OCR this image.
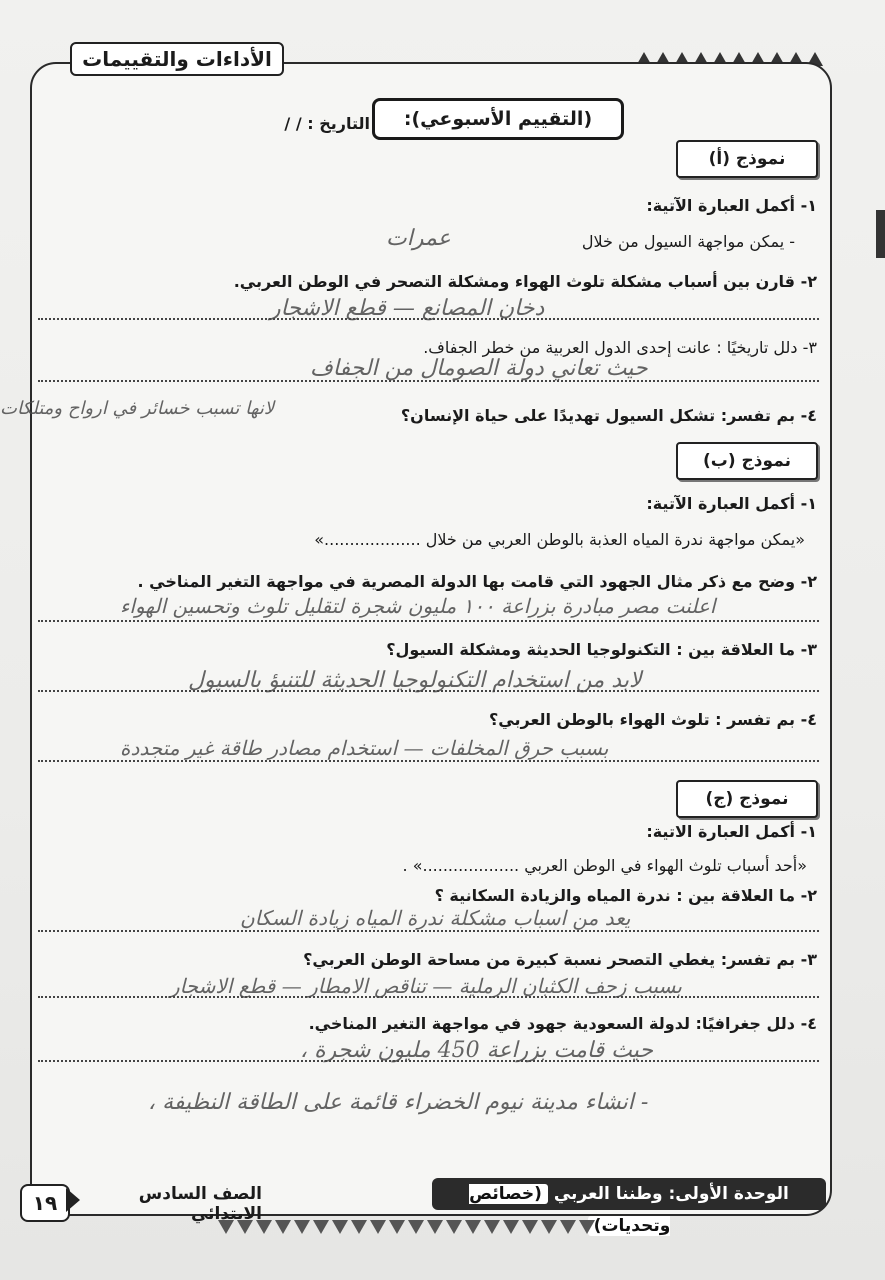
الأداءات والتقييمات
(التقييم الأسبوعي):
التاريخ : / /
نموذج (أ)
١- أكمل العبارة الآتية:
- يمكن مواجهة السيول من خلال
عمرات
٢- قارن بين أسباب مشكلة تلوث الهواء ومشكلة التصحر في الوطن العربي.
دخان المصانع — قطع الاشجار
٣- دلل تاريخيًا : عانت إحدى الدول العربية من خطر الجفاف.
حيث تعاني دولة الصومال من الجفاف
٤- بم تفسر: تشكل السيول تهديدًا على حياة الإنسان؟
لانها تسبب خسائر في ارواح ومتلكات
نموذج (ب)
١- أكمل العبارة الآتية:
«يمكن مواجهة ندرة المياه العذبة بالوطن العربي من خلال ...................»
٢- وضح مع ذكر مثال الجهود التي قامت بها الدولة المصرية في مواجهة التغير المناخي .
اعلنت مصر مبادرة بزراعة ١٠٠ مليون شجرة لتقليل تلوث وتحسين الهواء
٣- ما العلاقة بين : التكنولوجيا الحديثة ومشكلة السيول؟
لابد من استخدام التكنولوجيا الحديثة للتنبؤ بالسيول
٤- بم تفسر : تلوث الهواء بالوطن العربي؟
بسبب حرق المخلفات — استخدام مصادر طاقة غير متجددة
نموذج (ج)
١- أكمل العبارة الاتية:
«أحد أسباب تلوث الهواء في الوطن العربي ...................» .
٢- ما العلاقة بين : ندرة المياه والزيادة السكانية ؟
يعد من اسباب مشكلة ندرة المياه زيادة السكان
٣- بم تفسر: يغطي التصحر نسبة كبيرة من مساحة الوطن العربي؟
بسبب زحف الكثبان الرملية — تناقص الامطار — قطع الاشجار
٤- دلل جغرافيًا: لدولة السعودية جهود في مواجهة التغير المناخي.
حيث قامت بزراعة 450 مليون شجرة ،
- انشاء مدينة نيوم الخضراء قائمة على الطاقة النظيفة ،
١٩	الصف السادس الابتدائي
الوحدة الأولى: وطننا العربي (خصائص وتحديات)
